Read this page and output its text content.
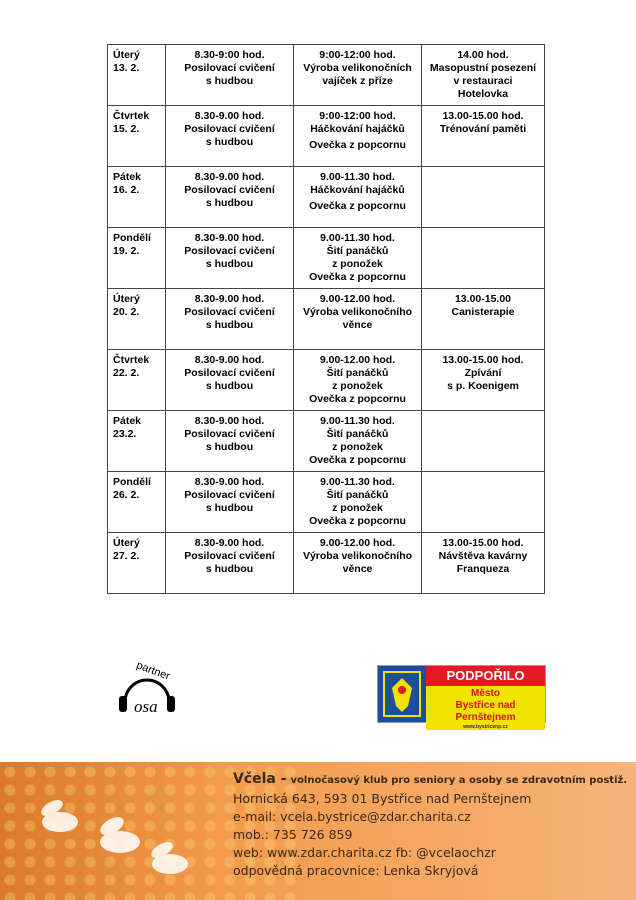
Úterý
13. 2.	8.30-9:00 hod.
Posilovací cvičení
s hudbou	9:00-12:00 hod.
Výroba velikonočních
vajíček z příze	14.00 hod.
Masopustní posezení
v restauraci
Hotelovka

Čtvrtek
15. 2.	8.30-9.00 hod.
Posilovací cvičení
s hudbou	9:00-12:00 hod.
Háčkování hajáčků
Ovečka z popcornu	13.00-15.00 hod.
Trénování paměti

Pátek
16. 2.	8.30-9.00 hod.
Posilovací cvičení
s hudbou	9.00-11.30 hod.
Háčkování hajáčků
Ovečka z popcornu	

Pondělí
19. 2.	8.30-9.00 hod.
Posilovací cvičení
s hudbou	9.00-11.30 hod.
Šití panáčků
z ponožek
Ovečka z popcornu	

Úterý
20. 2.	8.30-9.00 hod.
Posilovací cvičení
s hudbou	9.00-12.00 hod.
Výroba velikonočního
věnce	13.00-15.00
Canisterapie

Čtvrtek
22. 2.	8.30-9.00 hod.
Posilovací cvičení
s hudbou	9.00-12.00 hod.
Šití panáčků
z ponožek
Ovečka z popcornu	13.00-15.00 hod.
Zpívání
s p. Koenigem

Pátek
23.2.	8.30-9.00 hod.
Posilovací cvičení
s hudbou	9.00-11.30 hod.
Šití panáčků
z ponožek
Ovečka z popcornu	

Pondělí
26. 2.	8.30-9.00 hod.
Posilovací cvičení
s hudbou	9.00-11.30 hod.
Šití panáčků
z ponožek
Ovečka z popcornu	

Úterý
27. 2.	8.30-9.00 hod.
Posilovací cvičení
s hudbou	9.00-12.00 hod.
Výroba velikonočního
věnce	13.00-15.00 hod.
Návštěva kavárny
Franqueza
partner
osa
PODPOŘILO
Město
Bystřice nad Pernštejnem
www.bystricenp.cz
Včela - volnočasový klub pro seniory a osoby se zdravotním postiž.
Hornická 643, 593 01 Bystřice nad Pernštejnem
e-mail: vcela.bystrice@zdar.charita.cz
mob.: 735 726 859
web: www.zdar.charita.cz fb: @vcelaochzr
odpovědná pracovnice: Lenka Skryjová
